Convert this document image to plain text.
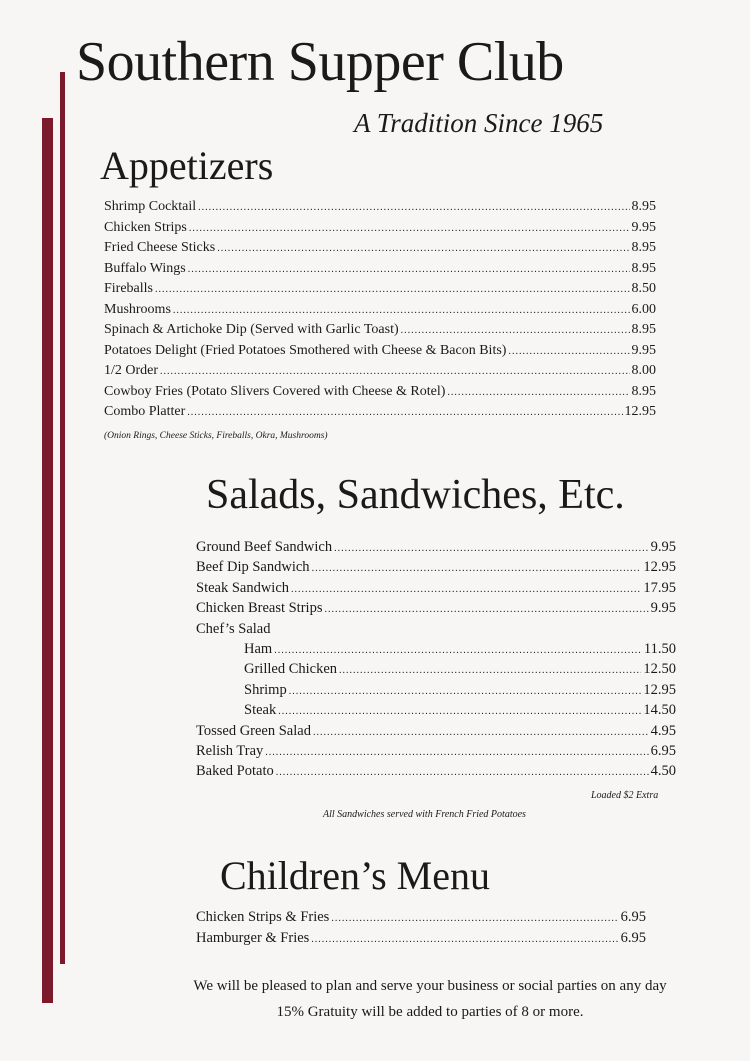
Southern Supper Club
A Tradition Since 1965
Appetizers
Shrimp Cocktail .....	8.95
Chicken Strips .....	9.95
Fried Cheese Sticks .....	8.95
Buffalo Wings .....	8.95
Fireballs .....	8.50
Mushrooms .....	6.00
Spinach & Artichoke Dip (Served with Garlic Toast) .....	8.95
Potatoes Delight (Fried Potatoes Smothered with Cheese & Bacon Bits) .....	9.95
1/2 Order .....	8.00
Cowboy Fries (Potato Slivers Covered with Cheese & Rotel) .....	8.95
Combo Platter .....	12.95
(Onion Rings, Cheese Sticks, Fireballs, Okra, Mushrooms)
Salads, Sandwiches, Etc.
Ground Beef Sandwich .....	9.95
Beef Dip Sandwich .....	12.95
Steak Sandwich .....	17.95
Chicken Breast Strips .....	9.95
Chef’s Salad
Ham .....	11.50
Grilled Chicken .....	12.50
Shrimp .....	12.95
Steak .....	14.50
Tossed Green Salad .....	4.95
Relish Tray .....	6.95
Baked Potato .....	4.50
Loaded $2 Extra
All Sandwiches served with French Fried Potatoes
Children’s Menu
Chicken Strips & Fries .....	6.95
Hamburger & Fries .....	6.95
We will be pleased to plan and serve your business or social parties on any day
15% Gratuity will be added to parties of 8 or more.
